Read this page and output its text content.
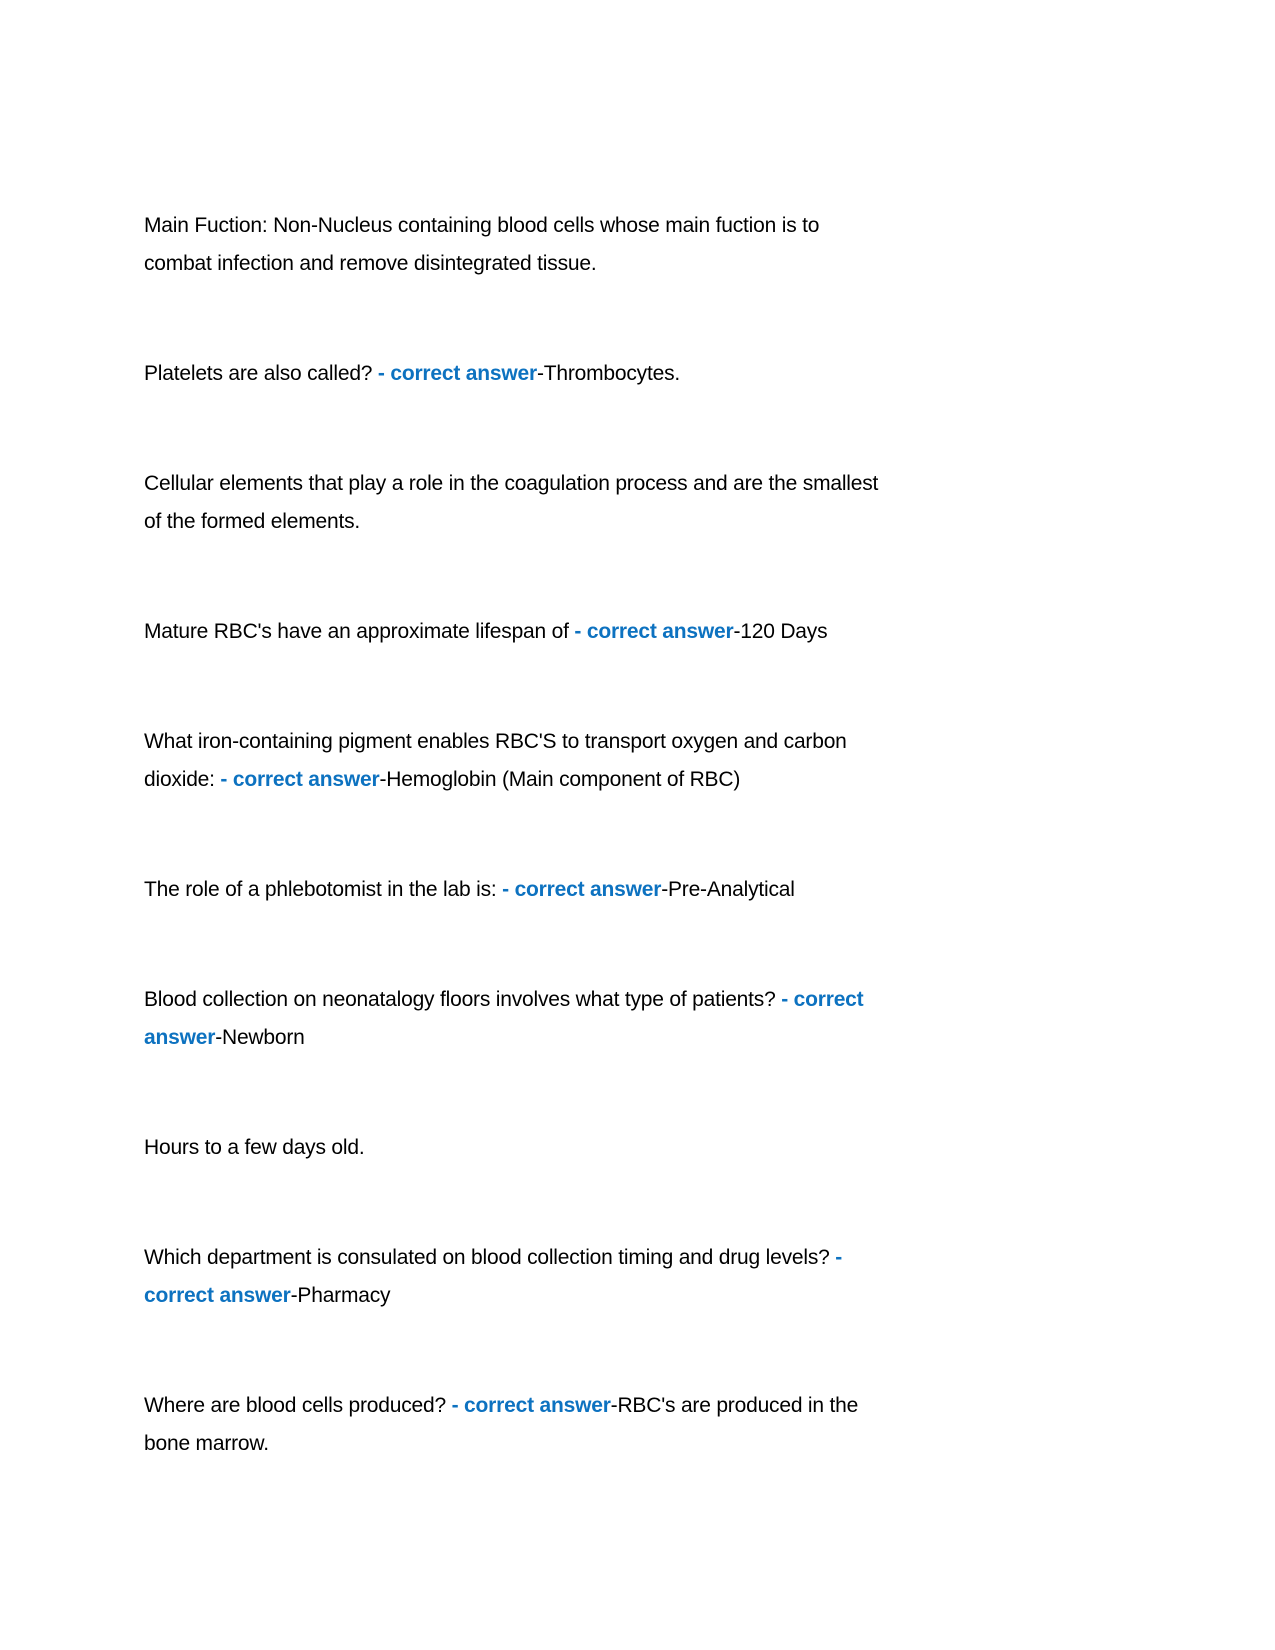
Main Fuction: Non-Nucleus containing blood cells whose main fuction is to
combat infection and remove disintegrated tissue.

Platelets are also called? - correct answer-Thrombocytes.

Cellular elements that play a role in the coagulation process and are the smallest
of the formed elements.

Mature RBC's have an approximate lifespan of - correct answer-120 Days

What iron-containing pigment enables RBC'S to transport oxygen and carbon
dioxide: - correct answer-Hemoglobin (Main component of RBC)

The role of a phlebotomist in the lab is: - correct answer-Pre-Analytical

Blood collection on neonatalogy floors involves what type of patients? - correct
answer-Newborn

Hours to a few days old.

Which department is consulated on blood collection timing and drug levels? -
correct answer-Pharmacy

Where are blood cells produced? - correct answer-RBC's are produced in the
bone marrow.
